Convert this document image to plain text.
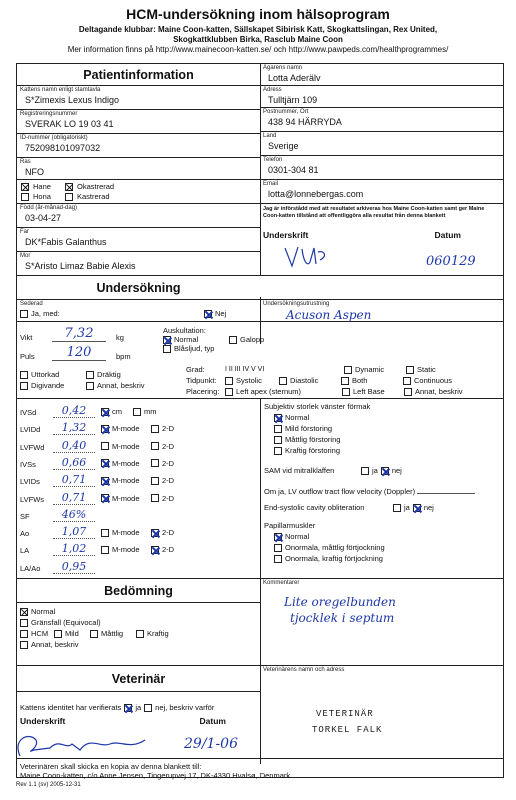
HCM-undersökning inom hälsoprogram
Deltagande klubbar: Maine Coon-katten, Sällskapet Sibirisk Katt, Skogkattslingan, Rex United,
Skogkattklubben Birka, Rasclub Maine Coon
Mer information finns på http://www.mainecoon-katten.se/ och http://www.pawpeds.com/healthprogrammes/
Patientinformation
Kattens namn enligt stamtavla
S*Zimexis Lexus Indigo
Registreringsnummer
SVERAK LO 19 03 41
ID-nummer (obligatoriskt)
752098101097032
Ras
NFO
Hane	Okastrerad
Hona	Kastrerad
Född (år-månad-dag)
03-04-27
Far
DK*Fabis Galanthus
Mor
S*Aristo Limaz Babie Alexis
Ägarens namn
Lotta Aderälv
Adress
Tulltjärn 109
Postnummer, Ort
438 94 HÄRRYDA
Land
Sverige
Telefon
0301-304 81
Email
lotta@lonnebergas.com
Jag är införstådd med att resultatet arkiveras hos Maine Coon-katten samt ger Maine Coon-katten tillstånd att offentliggöra alla resultat från denna blankett
Underskrift	Datum
060129
Undersökning
Sederad
Ja, med:	Nej
Undersökningsutrustning
Acuson Aspen
Vikt	7,32	kg
Puls	120	bpm
Uttorkad	Dräktig
Digivande	Annat, beskriv
Auskultation:
Normal	Galopp
Blåsljud, typ
Grad:	I II III IV V VI	Dynamic	Static
Tidpunkt:	Systolic	Diastolic	Both	Continuous
Placering:	Left apex (sternum)	Left Base	Annat, beskriv
IVSd	0,42	cm	mm
LVIDd	1,32	M-mode	2-D
LVFWd	0,40	M-mode	2-D
IVSs	0,66	M-mode	2-D
LVIDs	0,71	M-mode	2-D
LVFWs	0,71	M-mode	2-D
SF	46%
Ao	1,07	M-mode	2-D
LA	1,02	M-mode	2-D
LA/Ao	0,95
Subjektiv storlek vänster förmak
Normal
Mild förstoring
Måttlig förstoring
Kraftig förstoring
SAM vid mitralklaffen	ja nej
Om ja, LV outflow tract flow velocity (Doppler)
End-systolic cavity obliteration	ja nej
Papillarmuskler
Normal
Onormala, måttlig förtjockning
Onormala, kraftig förtjockning
Bedömning
Normal
Gränsfall (Equivocal)
HCM	Mild	Måttlig	Kraftig
Annat, beskriv
Kommentarer
Lite oregelbunden
tjocklek i septum
Veterinär
Kattens identitet har verifierats ja nej, beskriv varför
Underskrift	Datum
29/1-06
Veterinärens namn och adress
VETERINÄR
TORKEL FALK
Veterinären skall skicka en kopia av denna blankett till:
Maine Coon-katten, c/o Anne Jensen, Tingerupvej 17, DK-4330 Hvalsø, Denmark
Rev 1.1 (sv) 2005-12-31
